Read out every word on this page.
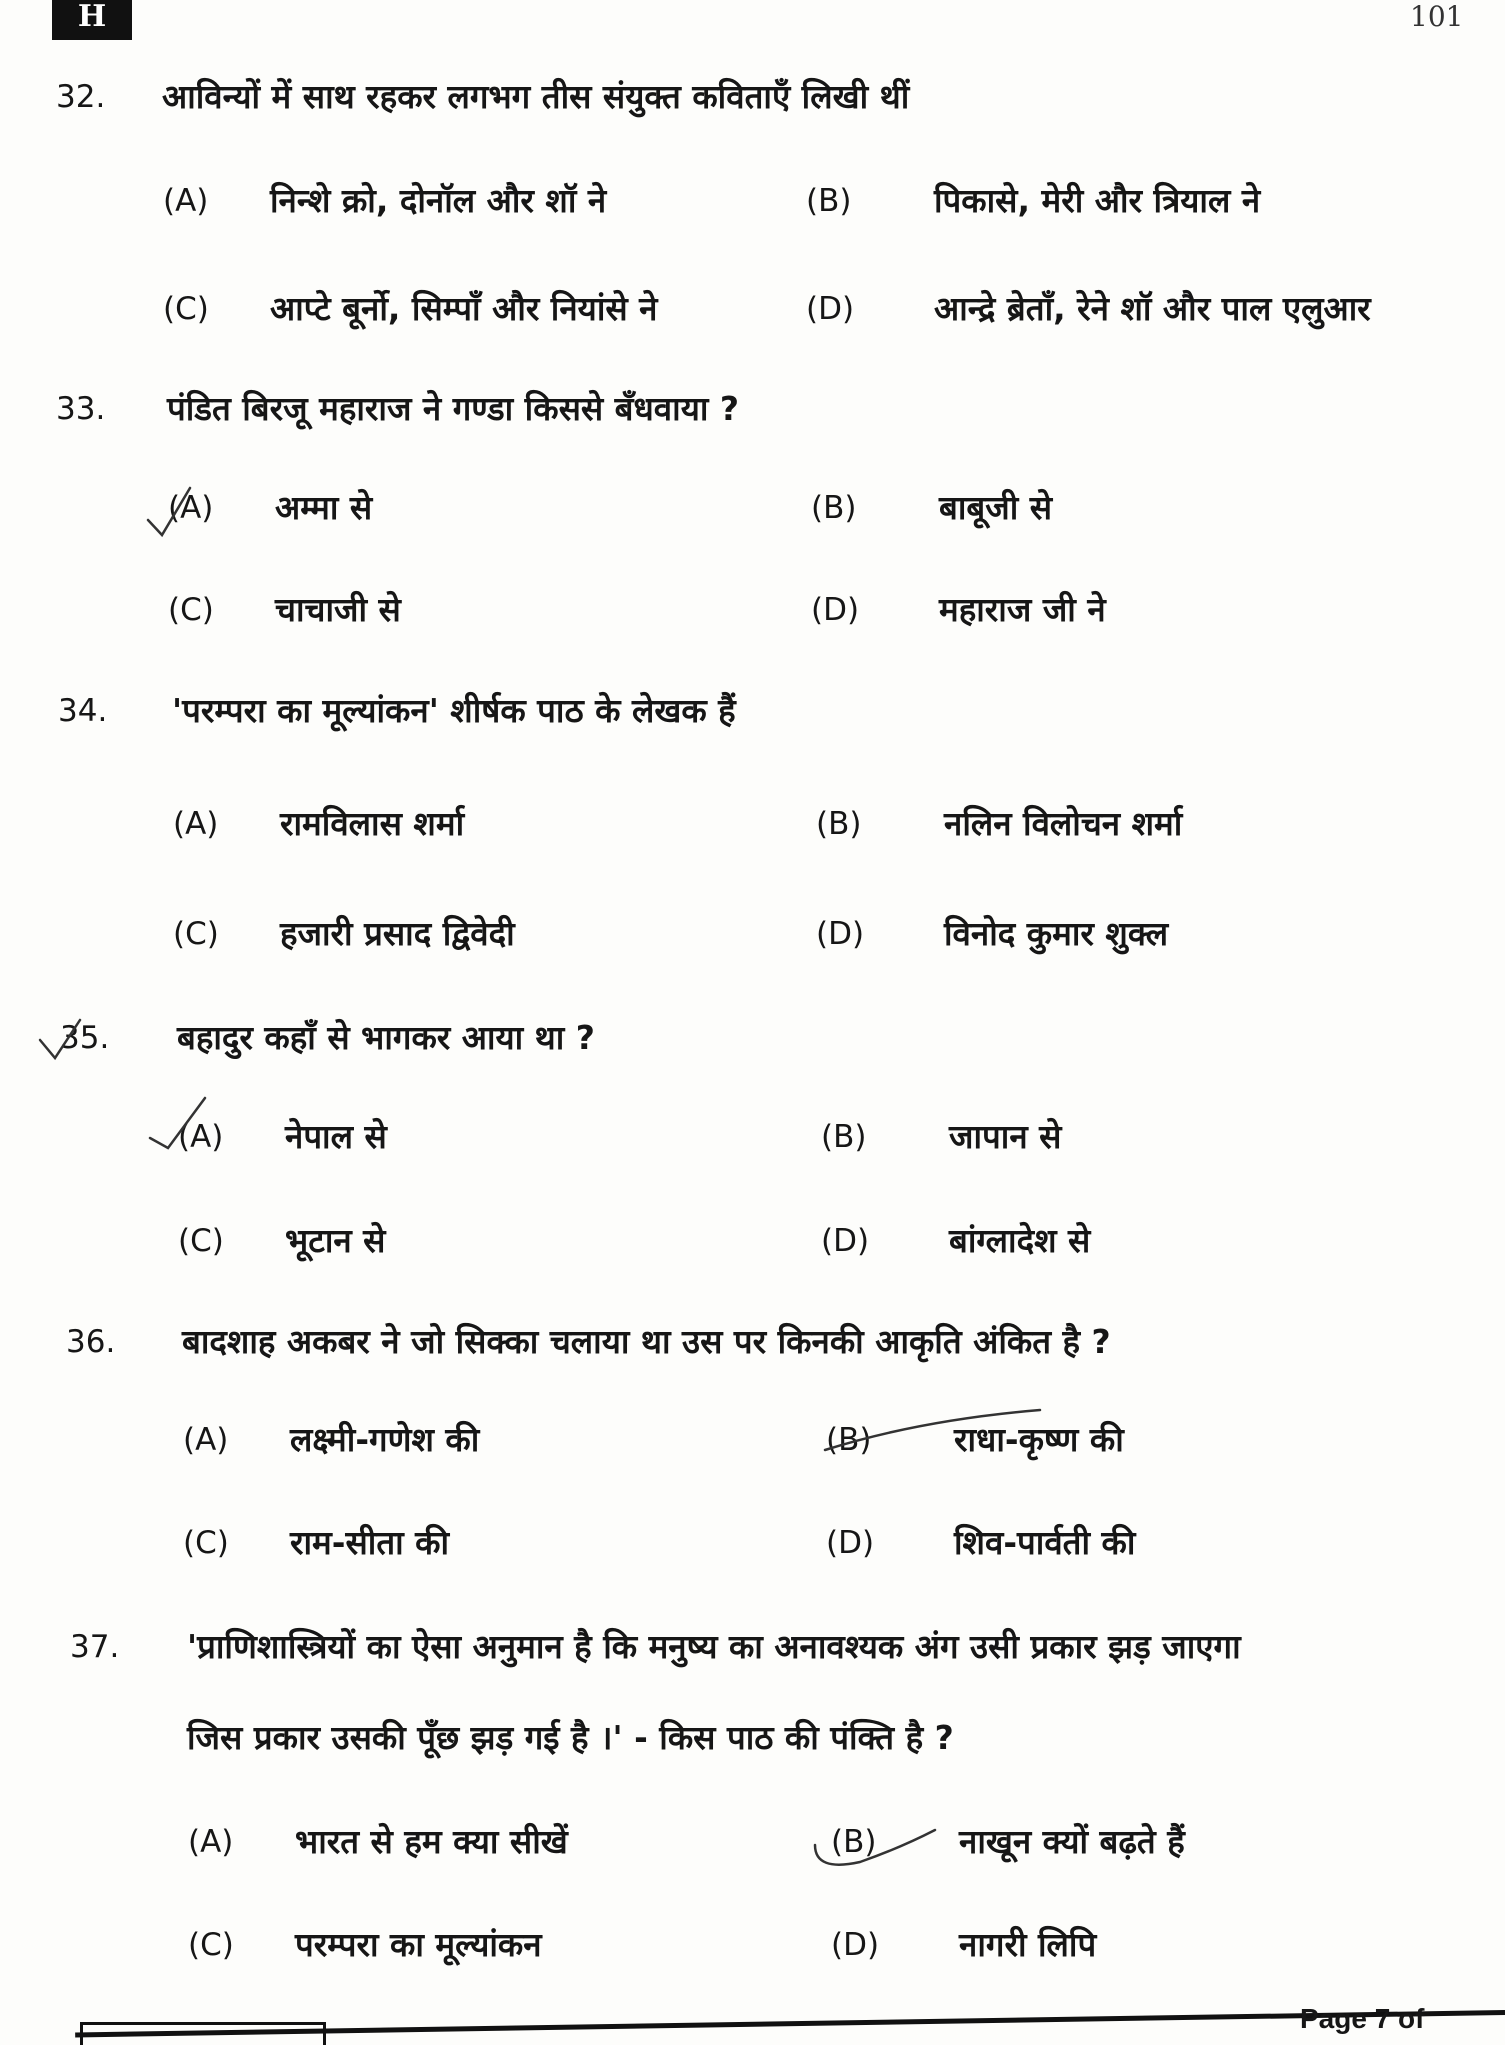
H	101
32. आविन्यों में साथ रहकर लगभग तीस संयुक्त कविताएँ लिखी थीं
(A) निन्शे क्रो, दोनॉल और शॉ ने	(B)	पिकासे, मेरी और त्रियाल ने
(C) आप्टे बूर्नो, सिम्पॉं और नियांसे ने	(D) आन्द्रे ब्रेताँ, रेने शॉ और पाल एलुआर
33. पंडित बिरजू महाराज ने गण्डा किससे बँधवाया ?
(A) अम्मा से	(B)	बाबूजी से
(C) चाचाजी से	(D) महाराज जी ने
34. 'परम्परा का मूल्यांकन' शीर्षक पाठ के लेखक हैं
(A) रामविलास शर्मा	(B)	नलिन विलोचन शर्मा
(C) हजारी प्रसाद द्विवेदी	(D) विनोद कुमार शुक्ल
35. बहादुर कहाँ से भागकर आया था ?
(A) नेपाल से	(B)	जापान से
(C) भूटान से	(D) बांग्लादेश से
36. बादशाह अकबर ने जो सिक्का चलाया था उस पर किनकी आकृति अंकित है ?
(A) लक्ष्मी-गणेश की	(B)	राधा-कृष्ण की
(C) राम-सीता की	(D) शिव-पार्वती की
37. 'प्राणिशास्त्रियों का ऐसा अनुमान है कि मनुष्य का अनावश्यक अंग उसी प्रकार झड़ जाएगा
जिस प्रकार उसकी पूँछ झड़ गई है ।' - किस पाठ की पंक्ति है ?
(A) भारत से हम क्या सीखें	(B)	नाखून क्यों बढ़ते हैं
(C) परम्परा का मूल्यांकन	(D) नागरी लिपि
Page 7 of
